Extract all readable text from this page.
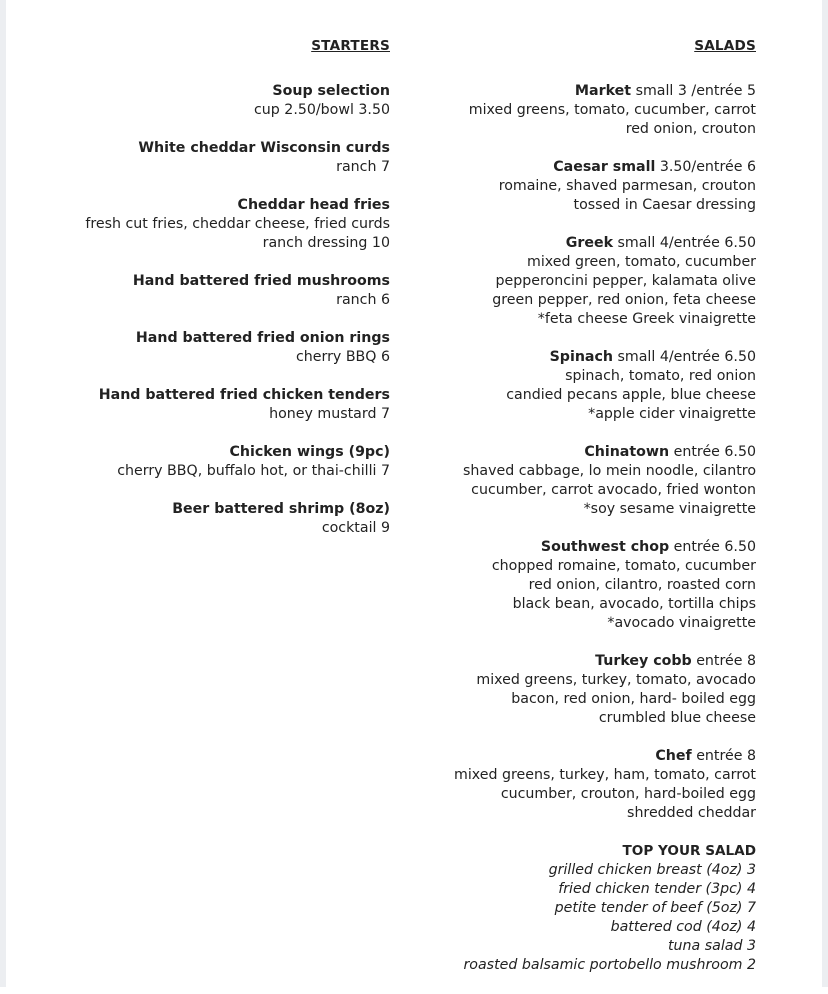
STARTERS
Soup selection
cup 2.50/bowl 3.50
White cheddar Wisconsin curds
ranch 7
Cheddar head fries
fresh cut fries, cheddar cheese, fried curds
ranch dressing 10
Hand battered fried mushrooms
ranch 6
Hand battered fried onion rings
cherry BBQ 6
Hand battered fried chicken tenders
honey mustard 7
Chicken wings (9pc)
cherry BBQ, buffalo hot, or thai-chilli 7
Beer battered shrimp (8oz)
cocktail 9
SALADS
Market small 3 /entrée 5
mixed greens, tomato, cucumber, carrot
red onion, crouton
Caesar small 3.50/entrée 6
romaine, shaved parmesan, crouton
tossed in Caesar dressing
Greek small 4/entrée 6.50
mixed green, tomato, cucumber
pepperoncini pepper, kalamata olive
green pepper, red onion, feta cheese
*feta cheese Greek vinaigrette
Spinach small 4/entrée 6.50
spinach, tomato, red onion
candied pecans apple, blue cheese
*apple cider vinaigrette
Chinatown entrée 6.50
shaved cabbage, lo mein noodle, cilantro
cucumber, carrot avocado, fried wonton
*soy sesame vinaigrette
Southwest chop entrée 6.50
chopped romaine, tomato, cucumber
red onion, cilantro, roasted corn
black bean, avocado, tortilla chips
*avocado vinaigrette
Turkey cobb entrée 8
mixed greens, turkey, tomato, avocado
bacon, red onion, hard- boiled egg
crumbled blue cheese
Chef entrée 8
mixed greens, turkey, ham, tomato, carrot
cucumber, crouton, hard-boiled egg
shredded cheddar
TOP YOUR SALAD
grilled chicken breast (4oz) 3
fried chicken tender (3pc) 4
petite tender of beef (5oz) 7
battered cod (4oz) 4
tuna salad 3
roasted balsamic portobello mushroom 2
